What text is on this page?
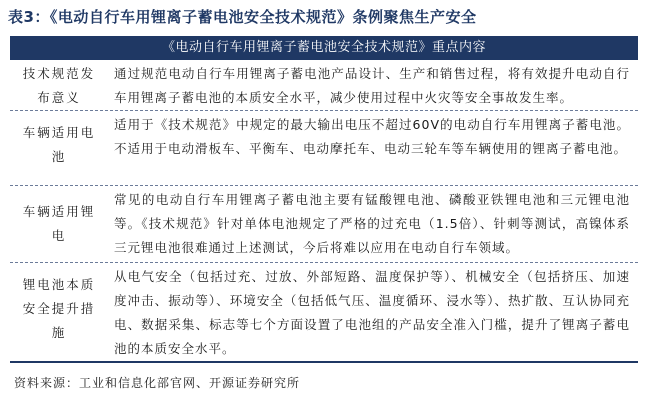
表3：《电动自行车用锂离子蓄电池安全技术规范》条例聚焦生产安全
《电动自行车用锂离子蓄电池安全技术规范》重点内容
技术规范发布意义
通过规范电动自行车用锂离子蓄电池产品设计、生产和销售过程，将有效提升电动自行车用锂离子蓄电池的本质安全水平，减少使用过程中火灾等安全事故发生率。
车辆适用电池
适用于《技术规范》中规定的最大输出电压不超过60V的电动自行车用锂离子蓄电池。不适用于电动滑板车、平衡车、电动摩托车、电动三轮车等车辆使用的锂离子蓄电池。
车辆适用锂电
常见的电动自行车用锂离子蓄电池主要有锰酸锂电池、磷酸亚铁锂电池和三元锂电池等。《技术规范》针对单体电池规定了严格的过充电（1.5倍）、针刺等测试，高镍体系三元锂电池很难通过上述测试，今后将难以应用在电动自行车领域。
锂电池本质安全提升措施
从电气安全（包括过充、过放、外部短路、温度保护等）、机械安全（包括挤压、加速度冲击、振动等）、环境安全（包括低气压、温度循环、浸水等）、热扩散、互认协同充电、数据采集、标志等七个方面设置了电池组的产品安全准入门槛，提升了锂离子蓄电池的本质安全水平。
资料来源：工业和信息化部官网、开源证券研究所
